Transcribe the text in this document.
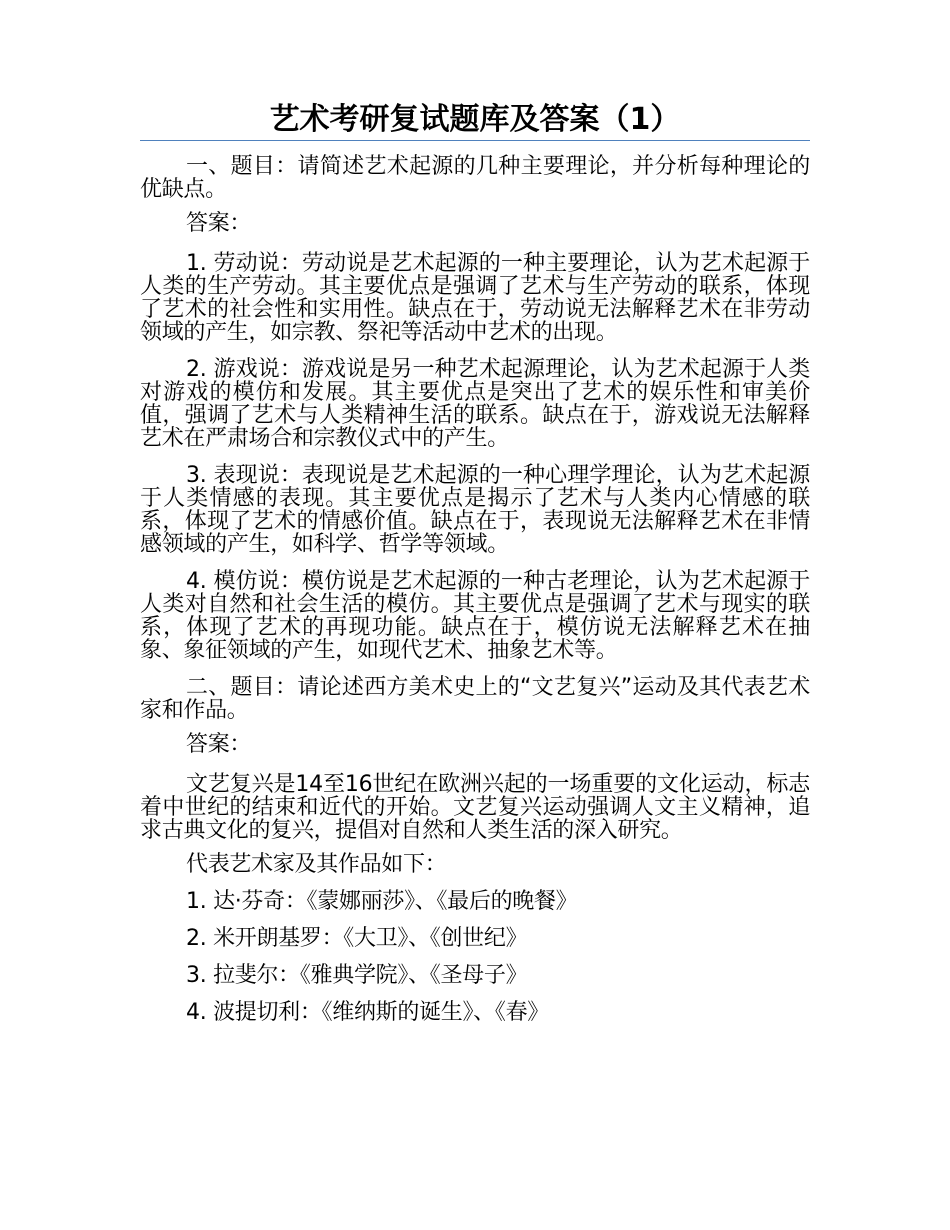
艺术考研复试题库及答案（1）

一、题目：请简述艺术起源的几种主要理论，并分析每种理论的优缺点。

答案：

1. 劳动说：劳动说是艺术起源的一种主要理论，认为艺术起源于人类的生产劳动。其主要优点是强调了艺术与生产劳动的联系，体现了艺术的社会性和实用性。缺点在于，劳动说无法解释艺术在非劳动领域的产生，如宗教、祭祀等活动中艺术的出现。

2. 游戏说：游戏说是另一种艺术起源理论，认为艺术起源于人类对游戏的模仿和发展。其主要优点是突出了艺术的娱乐性和审美价值，强调了艺术与人类精神生活的联系。缺点在于，游戏说无法解释艺术在严肃场合和宗教仪式中的产生。

3. 表现说：表现说是艺术起源的一种心理学理论，认为艺术起源于人类情感的表现。其主要优点是揭示了艺术与人类内心情感的联系，体现了艺术的情感价值。缺点在于，表现说无法解释艺术在非情感领域的产生，如科学、哲学等领域。

4. 模仿说：模仿说是艺术起源的一种古老理论，认为艺术起源于人类对自然和社会生活的模仿。其主要优点是强调了艺术与现实的联系，体现了艺术的再现功能。缺点在于，模仿说无法解释艺术在抽象、象征领域的产生，如现代艺术、抽象艺术等。

二、题目：请论述西方美术史上的“文艺复兴”运动及其代表艺术家和作品。

答案：

文艺复兴是14至16世纪在欧洲兴起的一场重要的文化运动，标志着中世纪的结束和近代的开始。文艺复兴运动强调人文主义精神，追求古典文化的复兴，提倡对自然和人类生活的深入研究。

代表艺术家及其作品如下：

1. 达·芬奇：《蒙娜丽莎》、《最后的晚餐》

2. 米开朗基罗：《大卫》、《创世纪》

3. 拉斐尔：《雅典学院》、《圣母子》

4. 波提切利：《维纳斯的诞生》、《春》
